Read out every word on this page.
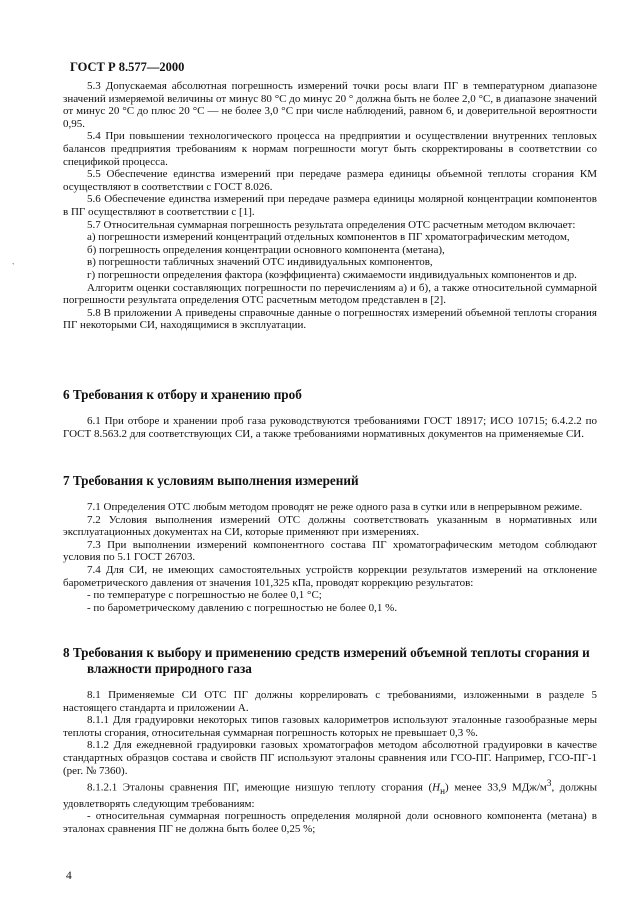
ГОСТ Р 8.577—2000
`

5.3 Допускаемая абсолютная погрешность измерений точки росы влаги ПГ в температурном диапазоне значений измеряемой величины от минус 80 °С до минус 20 ° должна быть не более 2,0 °С, в диапазоне значений от минус 20 °С до плюс 20 °С — не более 3,0 °С при числе наблюдений, равном 6, и доверительной вероятности 0,95.

5.4 При повышении технологического процесса на предприятии и осуществлении внутренних тепловых балансов предприятия требованиям к нормам погрешности могут быть скорректированы в соответствии со спецификой процесса.

5.5 Обеспечение единства измерений при передаче размера единицы объемной теплоты сгорания КМ осуществляют в соответствии с ГОСТ 8.026.

5.6 Обеспечение единства измерений при передаче размера единицы молярной концентрации компонентов в ПГ осуществляют в соответствии с [1].

5.7 Относительная суммарная погрешность результата определения ОТС расчетным методом включает:

а) погрешности измерений концентраций отдельных компонентов в ПГ хроматографическим методом,

б) погрешность определения концентрации основного компонента (метана),

в) погрешности табличных значений ОТС индивидуальных компонентов,

г) погрешности определения фактора (коэффициента) сжимаемости индивидуальных компонентов и др.

Алгоритм оценки составляющих погрешности по перечислениям а) и б), а также относительной суммарной погрешности результата определения ОТС расчетным методом представлен в [2].

5.8 В приложении А приведены справочные данные о погрешностях измерений объемной теплоты сгорания ПГ некоторыми СИ, находящимися в эксплуатации.

6 Требования к отбору и хранению проб

6.1 При отборе и хранении проб газа руководствуются требованиями ГОСТ 18917; ИСО 10715; 6.4.2.2 по ГОСТ 8.563.2 для соответствующих СИ, а также требованиями нормативных документов на применяемые СИ.

7 Требования к условиям выполнения измерений

7.1 Определения ОТС любым методом проводят не реже одного раза в сутки или в непрерывном режиме.

7.2 Условия выполнения измерений ОТС должны соответствовать указанным в нормативных или эксплуатационных документах на СИ, которые применяют при измерениях.

7.3 При выполнении измерений компонентного состава ПГ хроматографическим методом соблюдают условия по 5.1 ГОСТ 26703.

7.4 Для СИ, не имеющих самостоятельных устройств коррекции результатов измерений на отклонение барометрического давления от значения 101,325 кПа, проводят коррекцию результатов:

- по температуре с погрешностью не более 0,1 °С;

- по барометрическому давлению с погрешностью не более 0,1 %.

8 Требования к выбору и применению средств измерений объемной теплоты сгорания и влажности природного газа

8.1 Применяемые СИ ОТС ПГ должны коррелировать с требованиями, изложенными в разделе 5 настоящего стандарта и приложении А.

8.1.1 Для градуировки некоторых типов газовых калориметров используют эталонные газообразные меры теплоты сгорания, относительная суммарная погрешность которых не превышает 0,3 %.

8.1.2 Для ежедневной градуировки газовых хроматографов методом абсолютной градуировки в качестве стандартных образцов состава и свойств ПГ используют эталоны сравнения или ГСО-ПГ. Например, ГСО-ПГ-1 (рег. № 7360).

8.1.2.1 Эталоны сравнения ПГ, имеющие низшую теплоту сгорания $(H_н)$ менее 33,9 МДж/$м^3$, должны удовлетворять следующим требованиям:

- относительная суммарная погрешность определения молярной доли основного компонента (метана) в эталонах сравнения ПГ не должна быть более 0,25 %;

4
